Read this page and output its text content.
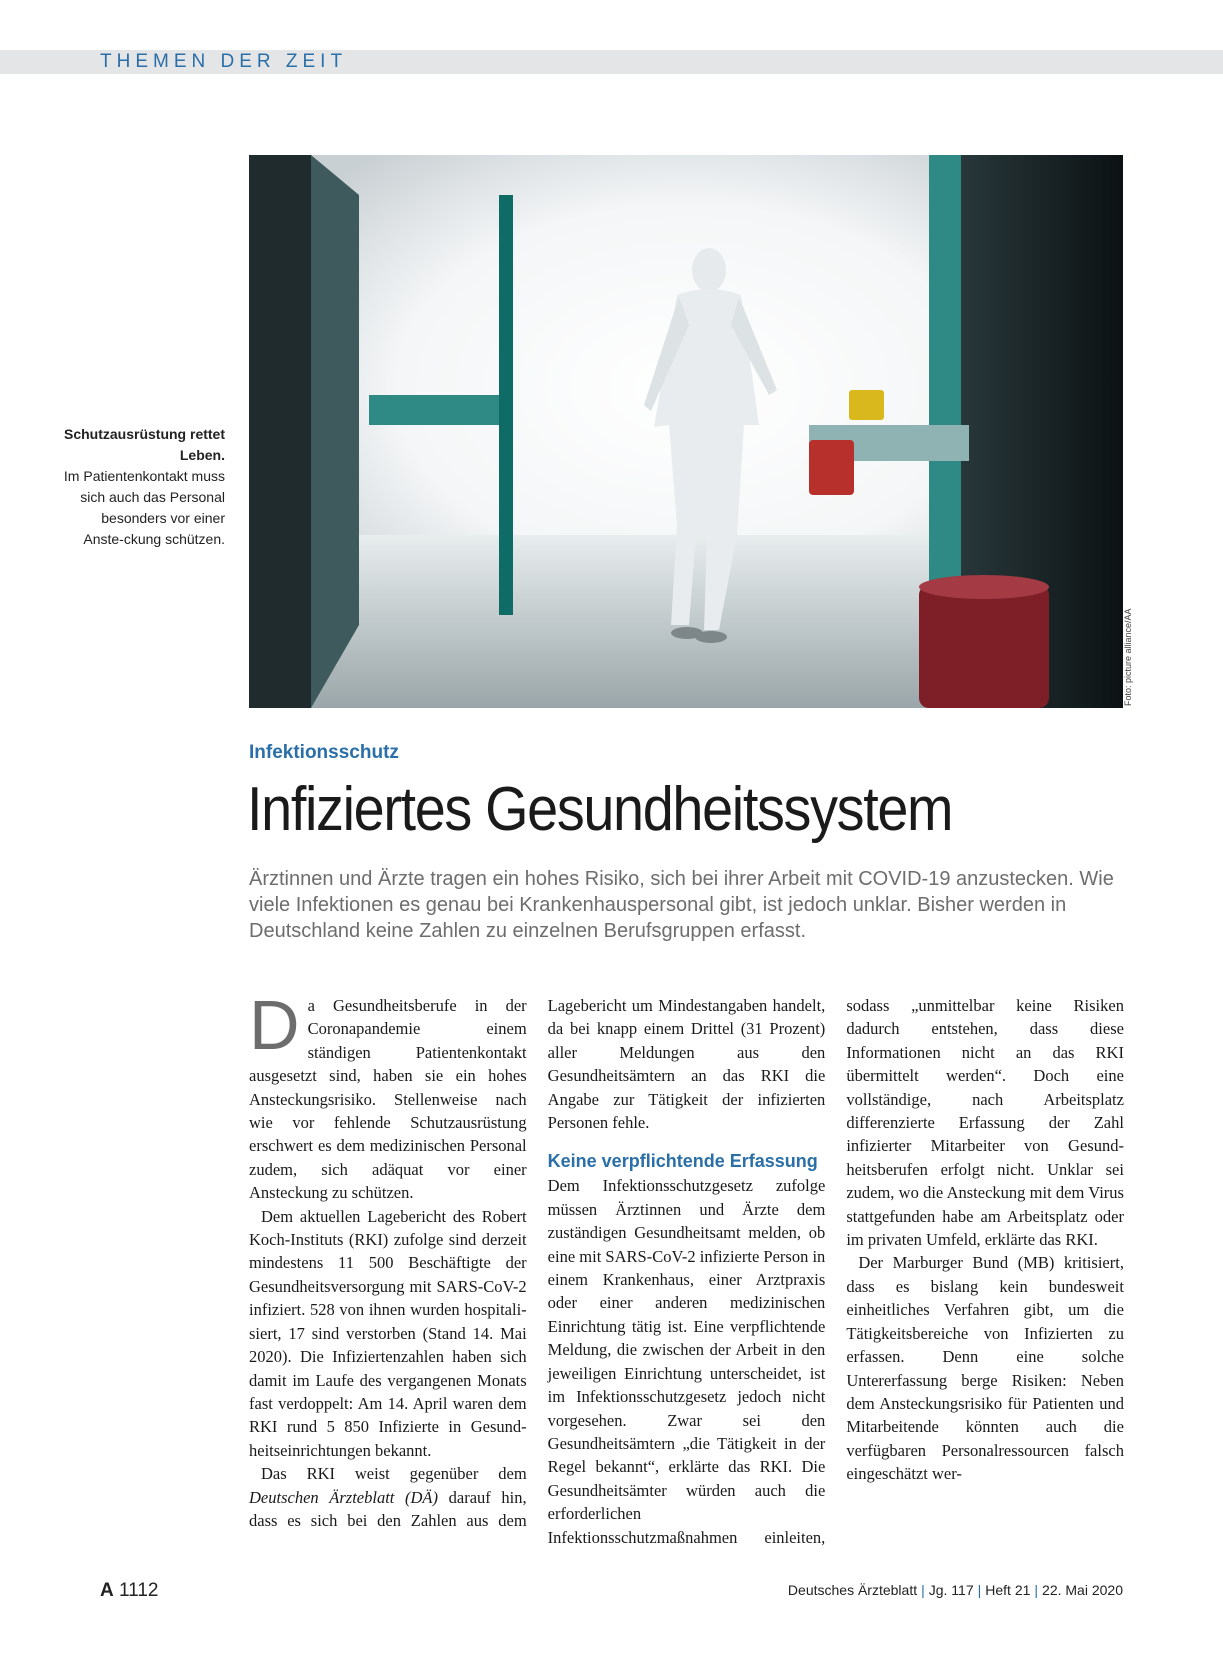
THEMEN DER ZEIT
Schutzausrüstung rettet Leben.
Im Patientenkontakt muss sich auch das Personal besonders vor einer Anste-ckung schützen.
Foto: picture alliance/AA
Infektionsschutz
Infiziertes Gesundheitssystem

Ärztinnen und Ärzte tragen ein hohes Risiko, sich bei ihrer Arbeit mit COVID-19 anzustecken. Wie viele Infektionen es genau bei Krankenhauspersonal gibt, ist jedoch unklar. Bisher werden in Deutschland keine Zahlen zu einzelnen Berufsgruppen erfasst.

Da Gesundheitsberufe in der Coronapandemie einem ständigen Patientenkontakt ausgesetzt sind, haben sie ein hohes Ansteckungsrisiko. Stellenweise nach wie vor fehlende Schutzausrüstung erschwert es dem medizinischen Personal zudem, sich adäquat vor einer Ansteckung zu schützen.

Dem aktuellen Lagebericht des Robert Koch-Instituts (RKI) zufolge sind derzeit mindestens 11 500 Beschäftigte der Gesundheitsversorgung mit SARS-CoV-2 infiziert. 528 von ihnen wurden hospitalisiert, 17 sind verstorben (Stand 14. Mai 2020). Die Infiziertenzahlen haben sich damit im Laufe des vergangenen Monats fast verdoppelt: Am 14. April waren dem RKI rund 5 850 Infizierte in Gesundheitseinrichtungen bekannt.

Das RKI weist gegenüber dem Deutschen Ärzteblatt (DÄ) darauf hin, dass es sich bei den Zahlen aus dem Lagebericht um Mindestangaben handelt, da bei knapp einem Drittel (31 Prozent) aller Meldungen aus den Gesundheitsämtern an das RKI die Angabe zur Tätigkeit der infizierten Personen fehle.

Keine verpflichtende Erfassung

Dem Infektionsschutzgesetz zufolge müssen Ärztinnen und Ärzte dem zuständigen Gesundheitsamt melden, ob eine mit SARS-CoV-2 infizierte Person in einem Krankenhaus, einer Arztpraxis oder einer anderen medizinischen Einrichtung tätig ist. Eine verpflichtende Meldung, die zwischen der Arbeit in den jeweiligen Einrichtung unterscheidet, ist im Infektionsschutzgesetz jedoch nicht vorgesehen. Zwar sei den Gesundheitsämtern „die Tätigkeit in der Regel bekannt“, erklärte das RKI. Die Gesundheitsämter würden auch die erforderlichen Infektionsschutzmaßnahmen einleiten, sodass „unmittelbar keine Risiken dadurch entstehen, dass diese Informationen nicht an das RKI übermittelt werden“. Doch eine vollständige, nach Arbeitsplatz differenzierte Erfassung der Zahl infizierter Mitarbeiter von Gesundheitsberufen erfolgt nicht. Unklar sei zudem, wo die Ansteckung mit dem Virus stattgefunden habe am Arbeitsplatz oder im privaten Umfeld, erklärte das RKI.

Der Marburger Bund (MB) kritisiert, dass es bislang kein bundesweit einheitliches Verfahren gibt, um die Tätigkeitsbereiche von Infizierten zu erfassen. Denn eine solche Untererfassung berge Risiken: Neben dem Ansteckungsrisiko für Patienten und Mitarbeitende könnten auch die verfügbaren Personalressourcen falsch eingeschätzt wer-

A 1112	Deutsches Ärzteblatt | Jg. 117 | Heft 21 | 22. Mai 2020
